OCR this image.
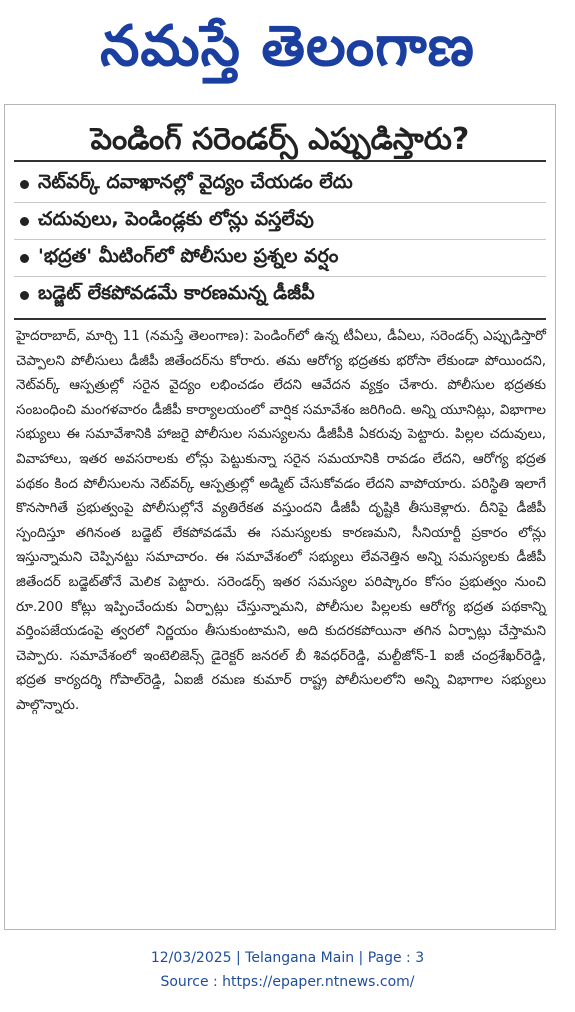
నమస్తే తెలంగాణ
పెండింగ్ సరెండర్స్ ఎప్పుడిస్తారు?
నెట్‌వర్క్ దవాఖానల్లో వైద్యం చేయడం లేదు
చదువులు, పెండిండ్లకు లోన్లు వస్తలేవు
'భద్రత' మీటింగ్‌లో పోలీసుల ప్రశ్నల వర్షం
బడ్జెట్ లేకపోవడమే కారణమన్న డీజీపీ
హైదరాబాద్, మార్చి 11 (నమస్తే తెలంగాణ): పెండింగ్‌లో ఉన్న టీఏలు, డీఏలు, సరెండర్స్ ఎప్పుడిస్తారో చెప్పాలని పోలీసులు డీజీపీ జితేందర్‌ను కోరారు. తమ ఆరోగ్య భద్రతకు భరోసా లేకుండా పోయిందని, నెట్‌వర్క్ ఆస్పత్రుల్లో సరైన వైద్యం లభించడం లేదని ఆవేదన వ్యక్తం చేశారు. పోలీసుల భద్రతకు సంబంధించి మంగళవారం డీజీపీ కార్యాలయంలో వార్షిక సమావేశం జరిగింది. అన్ని యూనిట్లు, విభాగాల సభ్యులు ఈ సమావేశానికి హాజరై పోలీసుల సమస్యలను డీజీపీకి ఏకరువు పెట్టారు. పిల్లల చదువులు, వివాహాలు, ఇతర అవసరాలకు లోన్లు పెట్టుకున్నా సరైన సమయానికి రావడం లేదని, ఆరోగ్య భద్రత పథకం కింద పోలీసులను నెట్‌వర్క్ ఆస్పత్రుల్లో అడ్మిట్ చేసుకోవడం లేదని వాపోయారు. పరిస్థితి ఇలాగే కొనసాగితే ప్రభుత్వంపై పోలీసుల్లోనే వ్యతిరేకత వస్తుందని డీజీపీ దృష్టికి తీసుకెళ్లారు. దీనిపై డీజీపీ స్పందిస్తూ తగినంత బడ్జెట్ లేకపోవడమే ఈ సమస్యలకు కారణమని, సీనియార్టీ ప్రకారం లోన్లు ఇస్తున్నామని చెప్పినట్టు సమాచారం. ఈ సమావేశంలో సభ్యులు లేవనెత్తిన అన్ని సమస్యలకు డీజీపీ జితేందర్ బడ్జెట్‌తోనే మెలిక పెట్టారు. సరెండర్స్ ఇతర సమస్యల పరిష్కారం కోసం ప్రభుత్వం నుంచి రూ.200 కోట్లు ఇప్పించేందుకు ఏర్పాట్లు చేస్తున్నామని, పోలీసుల పిల్లలకు ఆరోగ్య భద్రత పథకాన్ని వర్తింపజేయడంపై త్వరలో నిర్ణయం తీసుకుంటామని, అది కుదరకపోయినా తగిన ఏర్పాట్లు చేస్తామని చెప్పారు. సమావేశంలో ఇంటెలిజెన్స్ డైరెక్టర్ జనరల్ బీ శివధర్‌రెడ్డి, మల్టీజోన్-1 ఐజీ చంద్రశేఖర్‌రెడ్డి, భద్రత కార్యదర్శి గోపాల్‌రెడ్డి, ఏఐజీ రమణ కుమార్ రాష్ట్ర పోలీసులలోని అన్ని విభాగాల సభ్యులు పాల్గొన్నారు.
12/03/2025 | Telangana Main | Page : 3
Source : https://epaper.ntnews.com/
